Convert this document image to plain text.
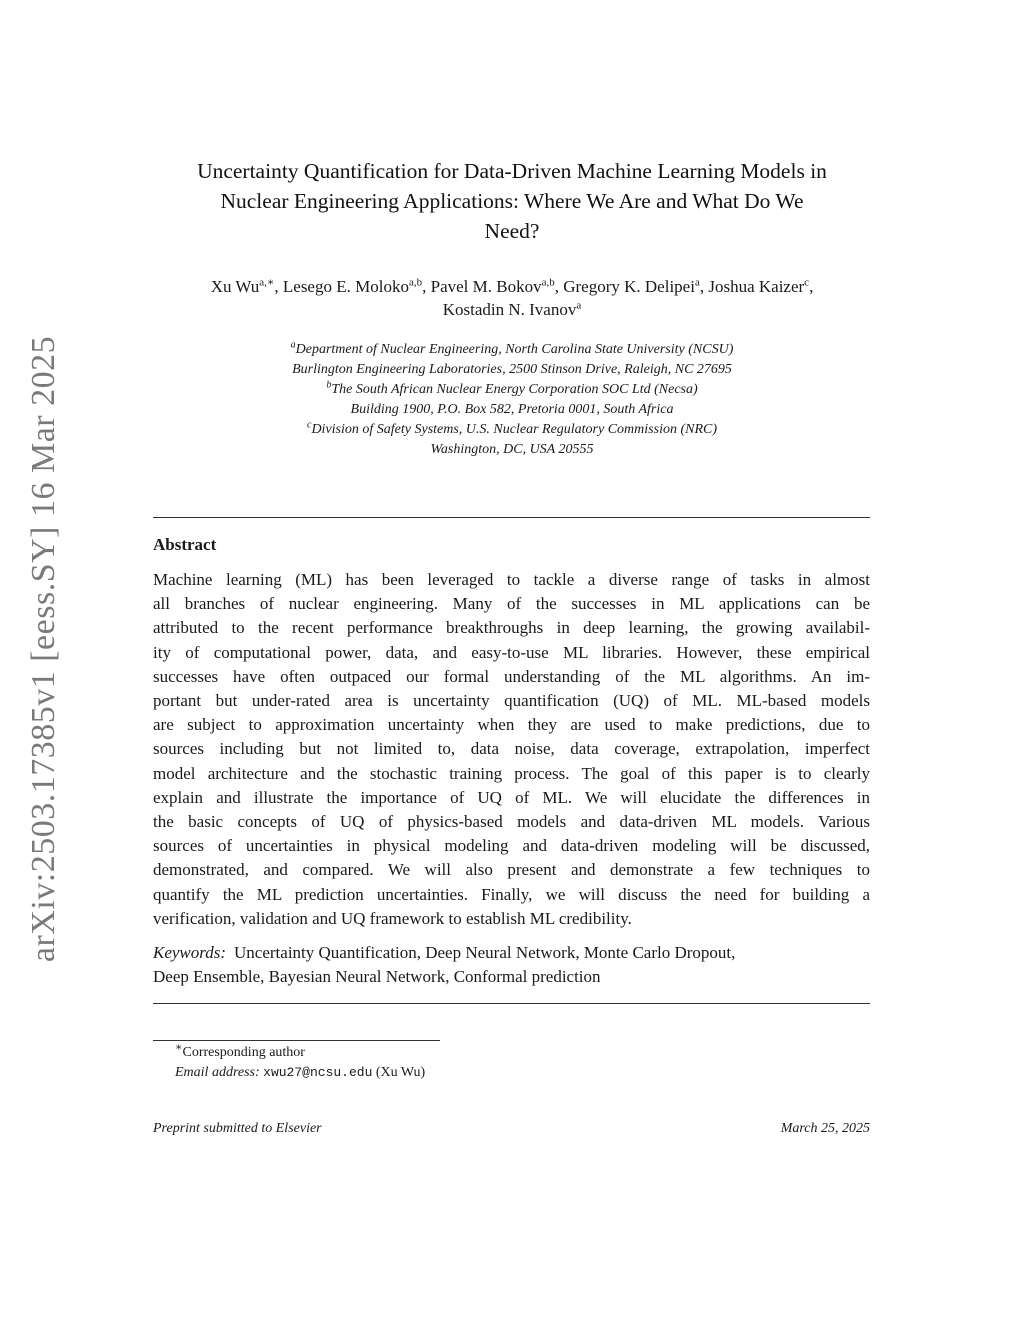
arXiv:2503.17385v1 [eess.SY] 16 Mar 2025
Uncertainty Quantification for Data-Driven Machine Learning Models in
Nuclear Engineering Applications: Where We Are and What Do We
Need?
Xu $Wu^{a,∗}$, Lesego E. Moloko$^{a,b}$, Pavel M. Bokov$^{a,b}$, Gregory K. Delipei$^a$, Joshua Kaizer$^c$,
Kostadin N. Ivanov$^a$
$^a$Department of Nuclear Engineering, North Carolina State University (NCSU)
Burlington Engineering Laboratories, 2500 Stinson Drive, Raleigh, NC 27695
$^b$The South African Nuclear Energy Corporation SOC Ltd (Necsa)
Building 1900, P.O. Box 582, Pretoria 0001, South Africa
$^c$Division of Safety Systems, U.S. Nuclear Regulatory Commission (NRC)
Washington, DC, USA 20555
Abstract
Machine learning (ML) has been leveraged to tackle a diverse range of tasks in almost
all branches of nuclear engineering. Many of the successes in ML applications can be
attributed to the recent performance breakthroughs in deep learning, the growing availabil-
ity of computational power, data, and easy-to-use ML libraries. However, these empirical
successes have often outpaced our formal understanding of the ML algorithms. An im-
portant but under-rated area is uncertainty quantification (UQ) of ML. ML-based models
are subject to approximation uncertainty when they are used to make predictions, due to
sources including but not limited to, data noise, data coverage, extrapolation, imperfect
model architecture and the stochastic training process. The goal of this paper is to clearly
explain and illustrate the importance of UQ of ML. We will elucidate the differences in
the basic concepts of UQ of physics-based models and data-driven ML models. Various
sources of uncertainties in physical modeling and data-driven modeling will be discussed,
demonstrated, and compared. We will also present and demonstrate a few techniques to
quantify the ML prediction uncertainties. Finally, we will discuss the need for building a
verification, validation and UQ framework to establish ML credibility.
Keywords: Uncertainty Quantification, Deep Neural Network, Monte Carlo Dropout,
Deep Ensemble, Bayesian Neural Network, Conformal prediction
∗Corresponding author
Email address: xwu27@ncsu.edu (Xu Wu)
Preprint submitted to Elsevier	March 25, 2025
